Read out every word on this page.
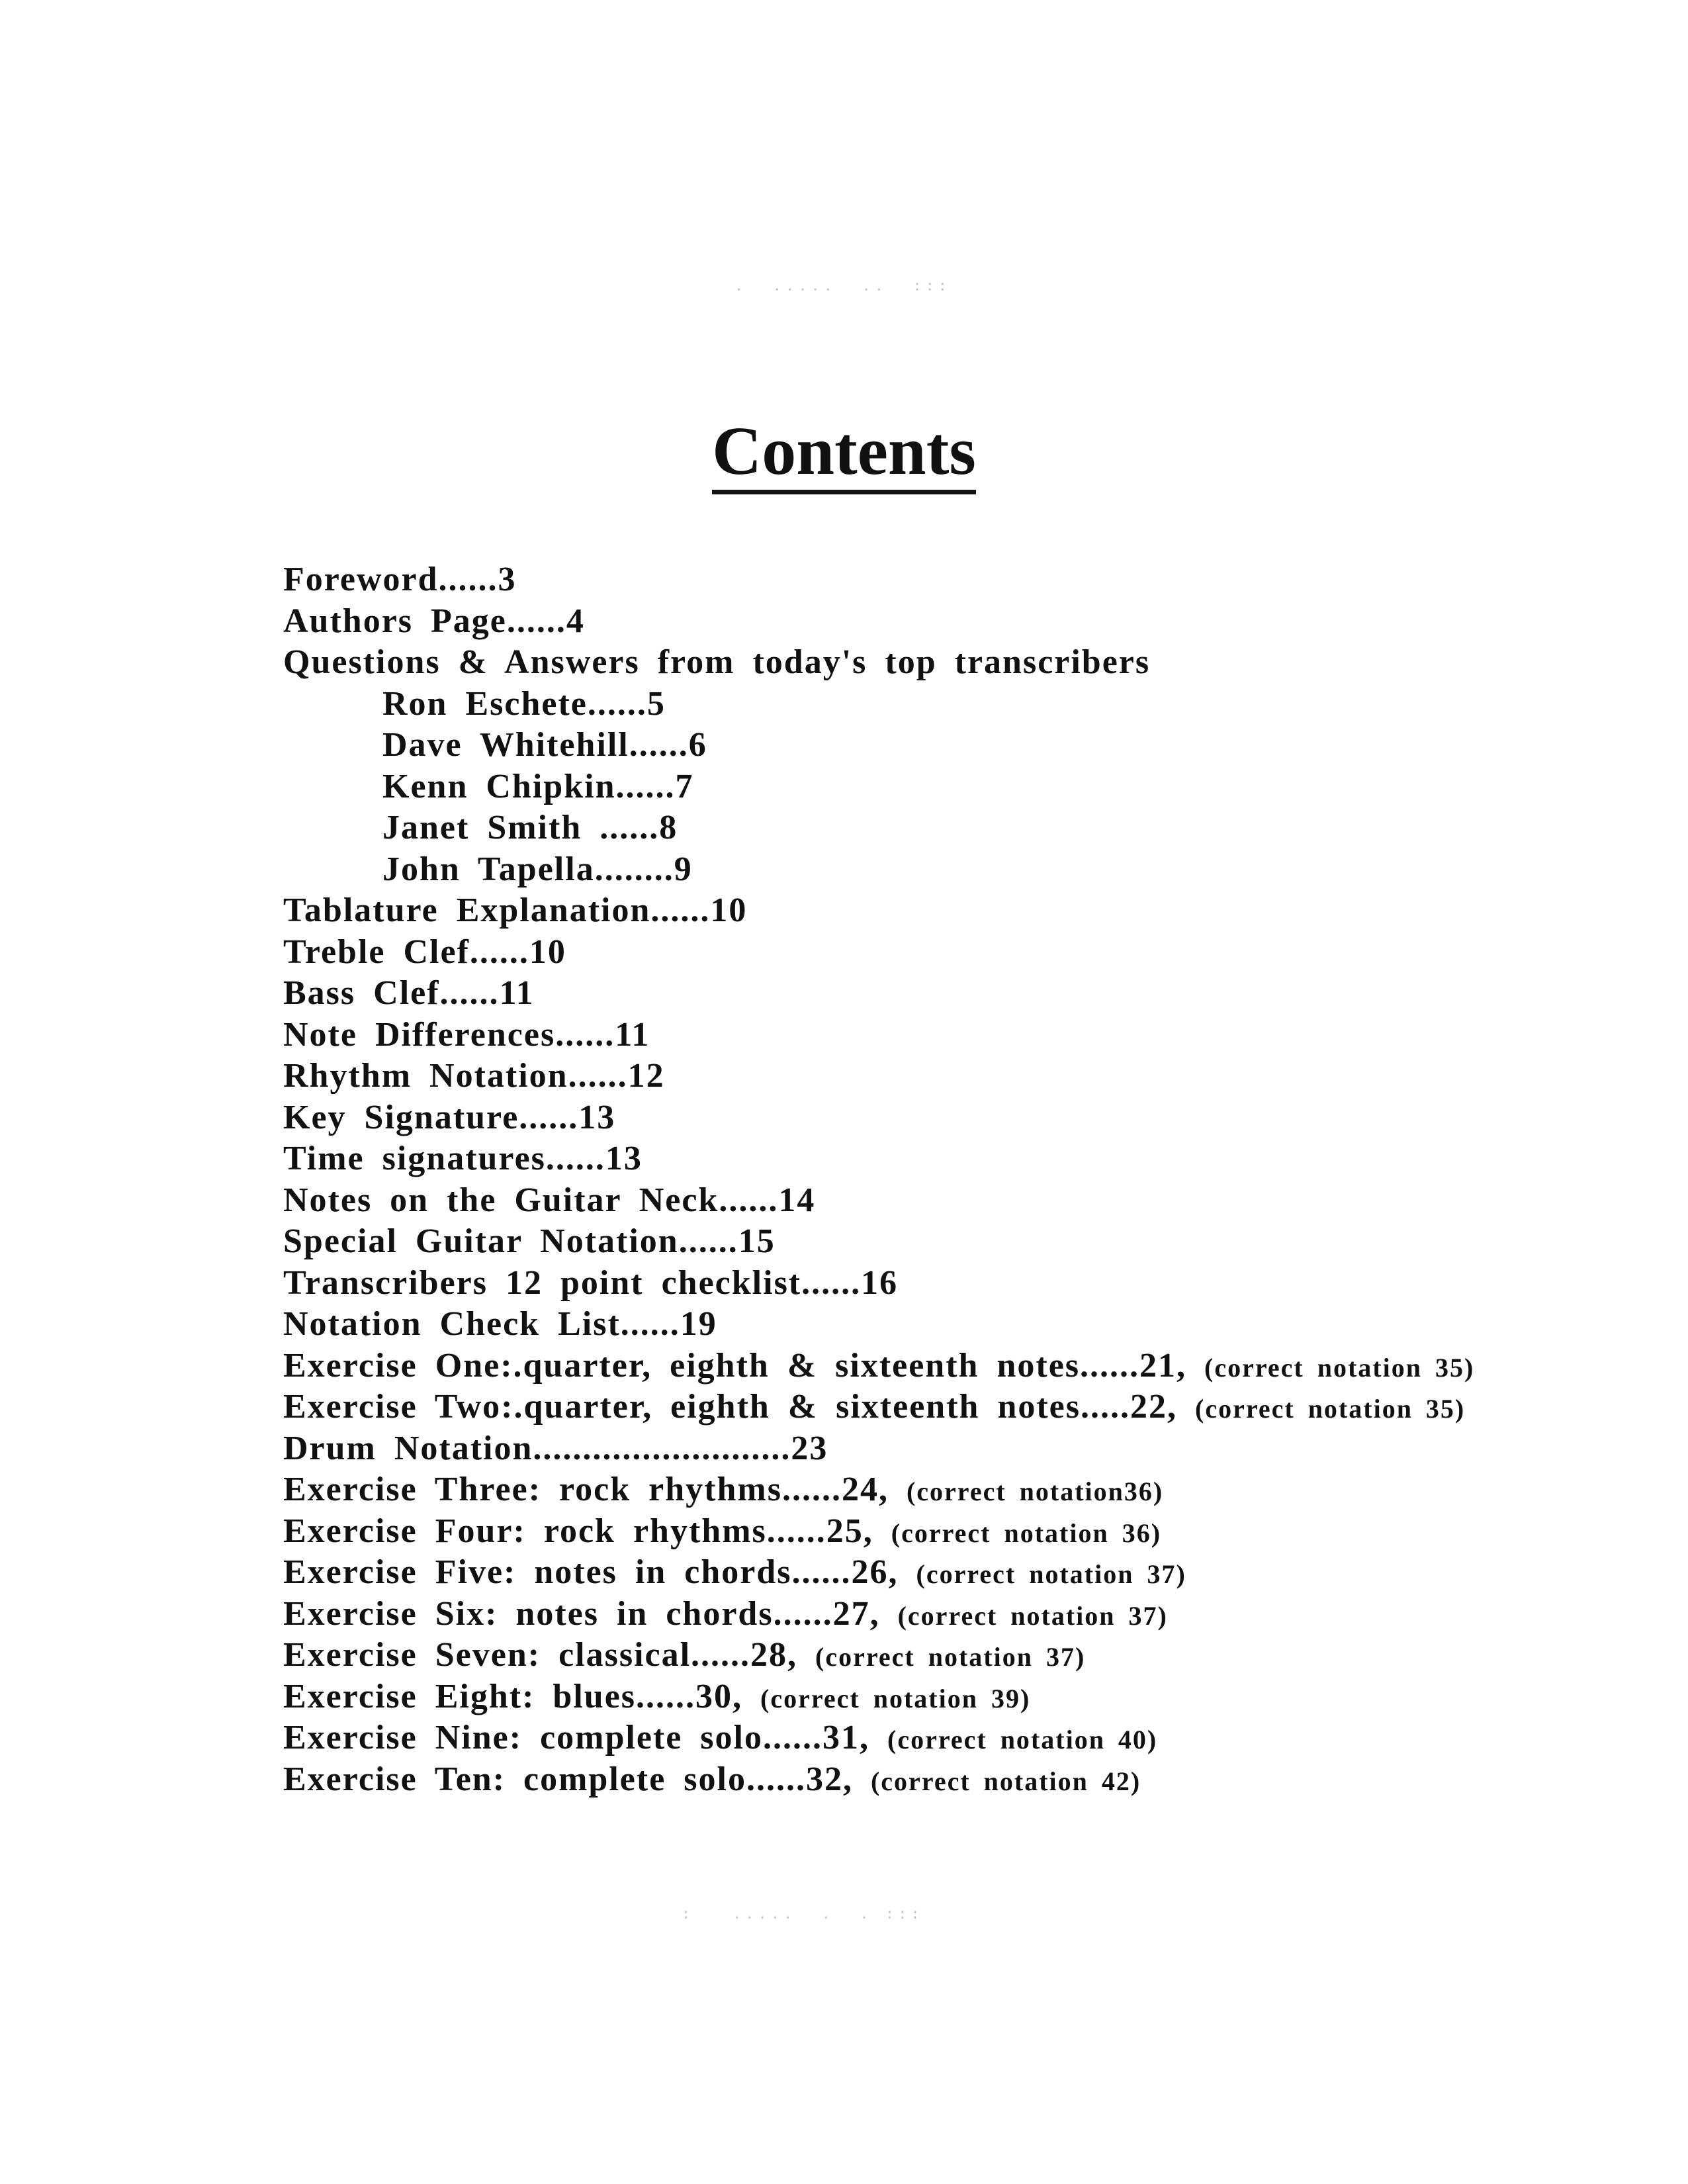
.  .....  ..  :::
Contents
Foreword......3
Authors Page......4
Questions & Answers from today's top transcribers
Ron Eschete......5
Dave Whitehill......6
Kenn Chipkin......7
Janet Smith ......8
John Tapella........9
Tablature Explanation......10
Treble Clef......10
Bass Clef......11
Note Differences......11
Rhythm Notation......12
Key Signature......13
Time signatures......13
Notes on the Guitar Neck......14
Special Guitar Notation......15
Transcribers 12 point checklist......16
Notation Check List......19
Exercise One:.quarter, eighth & sixteenth notes......21, (correct notation 35)
Exercise Two:.quarter, eighth & sixteenth notes.....22, (correct notation 35)
Drum Notation..........................23
Exercise Three: rock rhythms......24, (correct notation36)
Exercise Four: rock rhythms......25, (correct notation 36)
Exercise Five: notes in chords......26, (correct notation 37)
Exercise Six: notes in chords......27, (correct notation 37)
Exercise Seven: classical......28, (correct notation 37)
Exercise Eight: blues......30, (correct notation 39)
Exercise Nine: complete solo......31, (correct notation 40)
Exercise Ten: complete solo......32, (correct notation 42)
:   .....  .  . :::
